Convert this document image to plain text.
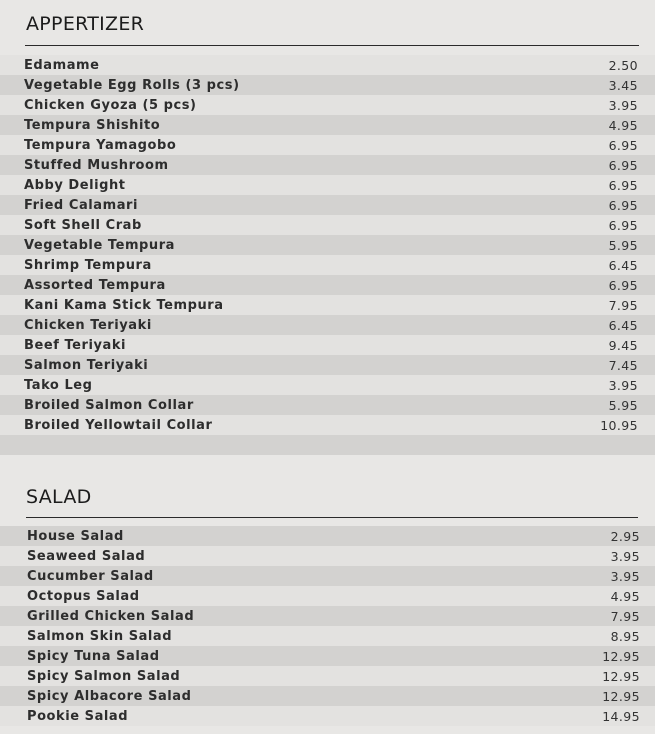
APPERTIZER
Edamame	2.50
Vegetable Egg Rolls (3 pcs)	3.45
Chicken Gyoza (5 pcs)	3.95
Tempura Shishito	4.95
Tempura Yamagobo	6.95
Stuffed Mushroom	6.95
Abby Delight	6.95
Fried Calamari	6.95
Soft Shell Crab	6.95
Vegetable Tempura	5.95
Shrimp Tempura	6.45
Assorted Tempura	6.95
Kani Kama Stick Tempura	7.95
Chicken Teriyaki	6.45
Beef Teriyaki	9.45
Salmon Teriyaki	7.45
Tako Leg	3.95
Broiled Salmon Collar	5.95
Broiled Yellowtail Collar	10.95
SALAD
House Salad	2.95
Seaweed Salad	3.95
Cucumber Salad	3.95
Octopus Salad	4.95
Grilled Chicken Salad	7.95
Salmon Skin Salad	8.95
Spicy Tuna Salad	12.95
Spicy Salmon Salad	12.95
Spicy Albacore Salad	12.95
Pookie Salad	14.95
